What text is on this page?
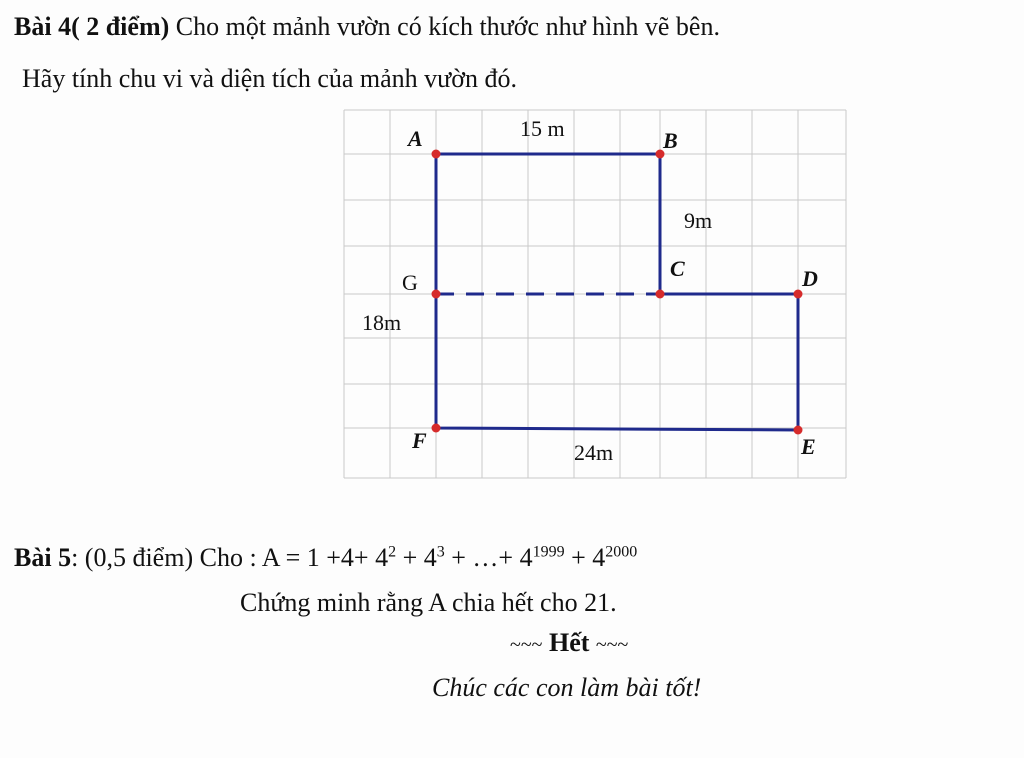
Bài 4( 2 điểm) Cho một mảnh vườn có kích thước như hình vẽ bên.
Hãy tính chu vi và diện tích của mảnh vườn đó.
A	B
C	D
E
F
G
15 m
9m
18m
24m
Bài 5: (0,5 điểm) Cho : $A = 1 +4+ 4^2 + 4^3$ + …+ $4^{1999} + 4^{2000}$
Chứng minh rằng A chia hết cho 21.
~~~ Hết ~~~
Chúc các con làm bài tốt!
